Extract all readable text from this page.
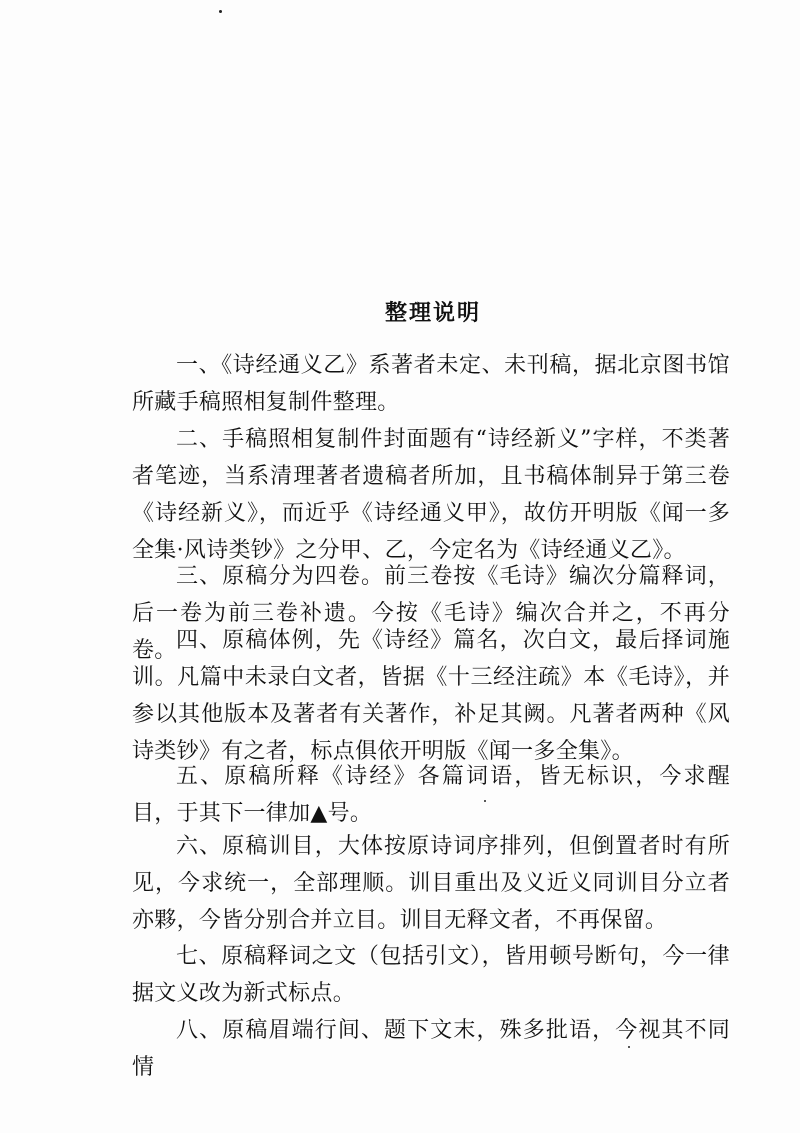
整理说明
一、《诗经通义乙》系著者未定、未刊稿，据北京图书馆所藏手稿照相复制件整理。
二、手稿照相复制件封面题有“诗经新义”字样，不类著者笔迹，当系清理著者遗稿者所加，且书稿体制异于第三卷《诗经新义》，而近乎《诗经通义甲》，故仿开明版《闻一多全集·风诗类钞》之分甲、乙，今定名为《诗经通义乙》。
三、原稿分为四卷。前三卷按《毛诗》编次分篇释词，后一卷为前三卷补遗。今按《毛诗》编次合并之，不再分卷。 四、原稿体例，先《诗经》篇名，次白文，最后择词施训。凡篇中未录白文者，皆据《十三经注疏》本《毛诗》，并参以其他版本及著者有关著作，补足其阙。凡著者两种《风诗类钞》有之者，标点俱依开明版《闻一多全集》。
五、原稿所释《诗经》各篇词语，皆无标识，今求醒目，于其下一律加▲号。
六、原稿训目，大体按原诗词序排列，但倒置者时有所见，今求统一，全部理顺。训目重出及义近义同训目分立者亦夥，今皆分别合并立目。训目无释文者，不再保留。
七、原稿释词之文（包括引文），皆用顿号断句，今一律据文义改为新式标点。
八、原稿眉端行间、题下文末，殊多批语，今视其不同情
